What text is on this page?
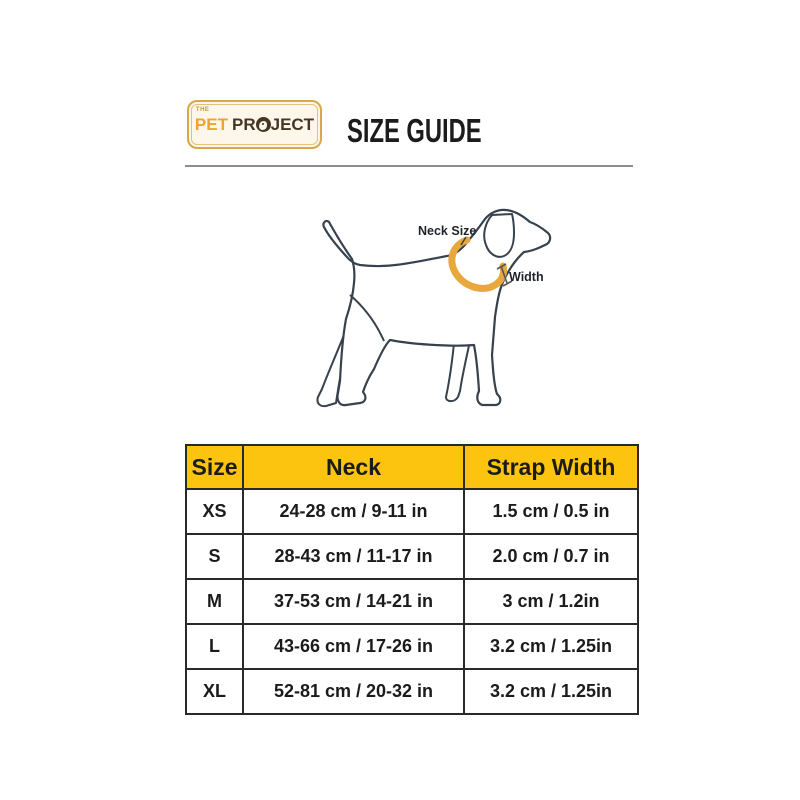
THE
PET PR JECT SIZE GUIDE
Neck Size
Width
Size	Neck	Strap Width
XS	24-28 cm / 9-11 in	1.5 cm / 0.5 in
S	28-43 cm / 11-17 in	2.0 cm / 0.7 in
M	37-53 cm / 14-21 in	3 cm / 1.2in
L	43-66 cm / 17-26 in	3.2 cm / 1.25in
XL	52-81 cm / 20-32 in	3.2 cm / 1.25in
